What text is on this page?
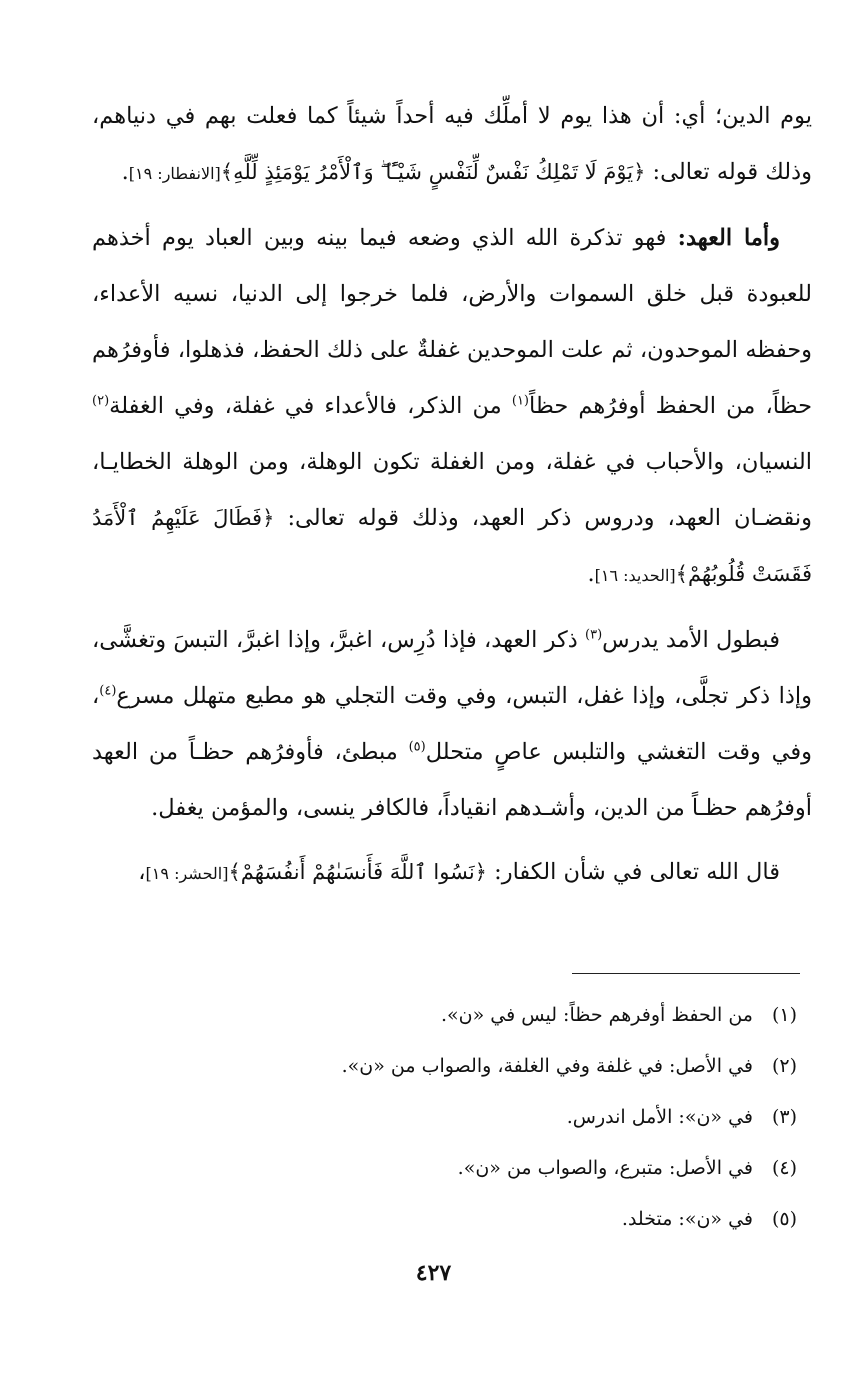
يوم الدين؛ أي: أن هذا يوم لا أملِّك فيه أحداً شيئاً كما فعلت بهم في دنياهم، وذلك قوله تعالى: ﴿يَوْمَ لَا تَمْلِكُ نَفْسٌ لِّنَفْسٍ شَيْـًٔا ۖ وَٱلْأَمْرُ يَوْمَئِذٍ لِّلَّهِ﴾[الانفطار: ١٩].

وأما العهد: فهو تذكرة الله الذي وضعه فيما بينه وبين العباد يوم أخذهم للعبودة قبل خلق السموات والأرض، فلما خرجوا إلى الدنيا، نسيه الأعداء، وحفظه الموحدون، ثم علت الموحدين غفلةٌ على ذلك الحفظ، فذهلوا، فأوفرُهم حظاً، من الحفظ أوفرُهم حظاً$^{(١)}$ من الذكر، فالأعداء في غفلة، وفي الغفلة$^{(٢)}$ النسيان، والأحباب في غفلة، ومن الغفلة تكون الوهلة، ومن الوهلة الخطايـا، ونقضـان العهد، ودروس ذكر العهد، وذلك قوله تعالى: ﴿فَطَالَ عَلَيْهِمُ ٱلْأَمَدُ فَقَسَتْ قُلُوبُهُمْ﴾[الحديد: ١٦].

فبطول الأمد يدرس$^{(٣)}$ ذكر العهد، فإذا دُرِس، اغبرَّ، وإذا اغبرَّ، التبسَ وتغشَّى، وإذا ذكر تجلَّى، وإذا غفل، التبس، وفي وقت التجلي هو مطيع متهلل مسرع$^{(٤)}$، وفي وقت التغشي والتلبس عاصٍ متحلل$^{(٥)}$ مبطئ، فأوفرُهم حظـاً من العهد أوفرُهم حظـاً من الدين، وأشـدهم انقياداً، فالكافر ينسى، والمؤمن يغفل.

قال الله تعالى في شأن الكفار: ﴿نَسُوا ٱللَّهَ فَأَنسَىٰهُمْ أَنفُسَهُمْ﴾[الحشر: ١٩]،

(١)من الحفظ أوفرهم حظاً: ليس في «ن».
(٢)في الأصل: في غلفة وفي الغلفة، والصواب من «ن».
(٣)في «ن»: الأمل اندرس.
(٤)في الأصل: متبرع، والصواب من «ن».
(٥)في «ن»: متخلد.
٤٢٧
